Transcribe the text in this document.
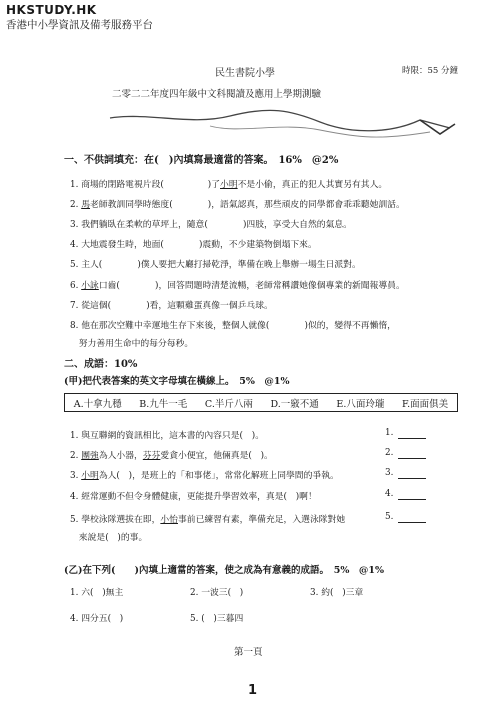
HKSTUDY.HK
香港中小學資訊及備考服務平台
民生書院小學	時限：55 分鐘
二零二二年度四年級中文科閱讀及應用上學期測驗
一、不供詞填充：在(　)內填寫最適當的答案。　16%　@2%
1. 商場的閉路電視片段(　　　　　)了小明不是小偷，真正的犯人其實另有其人。
2. 馬老師教訓同學時態度(　　　　)，語氣認真，那些頑皮的同學都會乖乖聽她訓話。
3. 我們躺臥在柔軟的草坪上，隨意(　　　　)四肢，享受大自然的氣息。
4. 大地震發生時，地面(　　　　)震動，不少建築物倒塌下來。
5. 主人(　　　　)僕人要把大廳打掃乾淨，準備在晚上舉辦一場生日派對。
6. 小詠口齒(　　　　)，回答問題時清楚流暢，老師常稱讚她像個專業的新聞報導員。
7. 從這個(　　　　)看，這顆雞蛋真像一個乒乓球。
8. 他在那次空難中幸運地生存下來後，整個人就像(　　　　)似的，變得不再懶惰，
　努力善用生命中的每分每秒。
二、成語：10%
(甲)把代表答案的英文字母填在橫線上。　5%　@1%
A.十拿九穩 B.九牛一毛 C.半斤八兩 D.一竅不通 E.八面玲瓏 F.面面俱美
1. 與互聯網的資訊相比，這本書的內容只是(　)。	1.
2. 團強為人小器，芬芬愛貪小便宜，他倆真是(　)。	2.
3. 小明為人(　)，是班上的「和事佬」，常常化解班上同學間的爭執。	3.
4. 經常運動不但令身體健康，更能提升學習效率，真是(　)啊！	4.
5. 學校泳隊選拔在即，小怡事前已練習有素，準備充足，入選泳隊對她	5.
　來說是(　)的事。
(乙)在下列(　　)內填上適當的答案，使之成為有意義的成語。　5%　@1%
1. 六(　)無主	2. 一波三(　)	3. 約(　)三章
4. 四分五(　)	5. (　)三暮四
第一頁
1
